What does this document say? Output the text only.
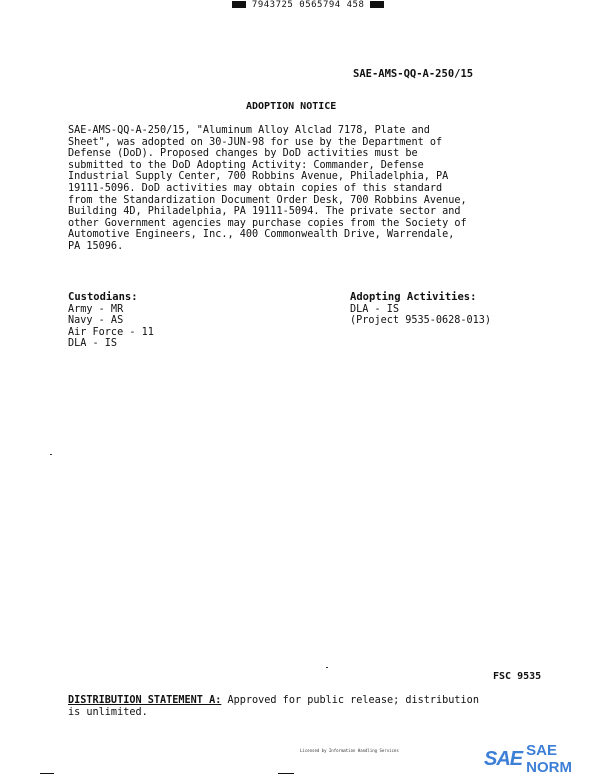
7943725 0565794 458
SAE-AMS-QQ-A-250/15
ADOPTION NOTICE
SAE-AMS-QQ-A-250/15, "Aluminum Alloy Alclad 7178, Plate and
Sheet", was adopted on 30-JUN-98 for use by the Department of
Defense (DoD). Proposed changes by DoD activities must be
submitted to the DoD Adopting Activity: Commander, Defense
Industrial Supply Center, 700 Robbins Avenue, Philadelphia, PA
19111-5096. DoD activities may obtain copies of this standard
from the Standardization Document Order Desk, 700 Robbins Avenue,
Building 4D, Philadelphia, PA 19111-5094. The private sector and
other Government agencies may purchase copies from the Society of
Automotive Engineers, Inc., 400 Commonwealth Drive, Warrendale,
PA 15096.
Custodians:
Army - MR
Navy - AS
Air Force - 11
DLA - IS
Adopting Activities:
DLA - IS
(Project 9535-0628-013)
FSC 9535
DISTRIBUTION STATEMENT A: Approved for public release; distribution
is unlimited.
Licensed by Information Handling Services	SAE SAE NORM
